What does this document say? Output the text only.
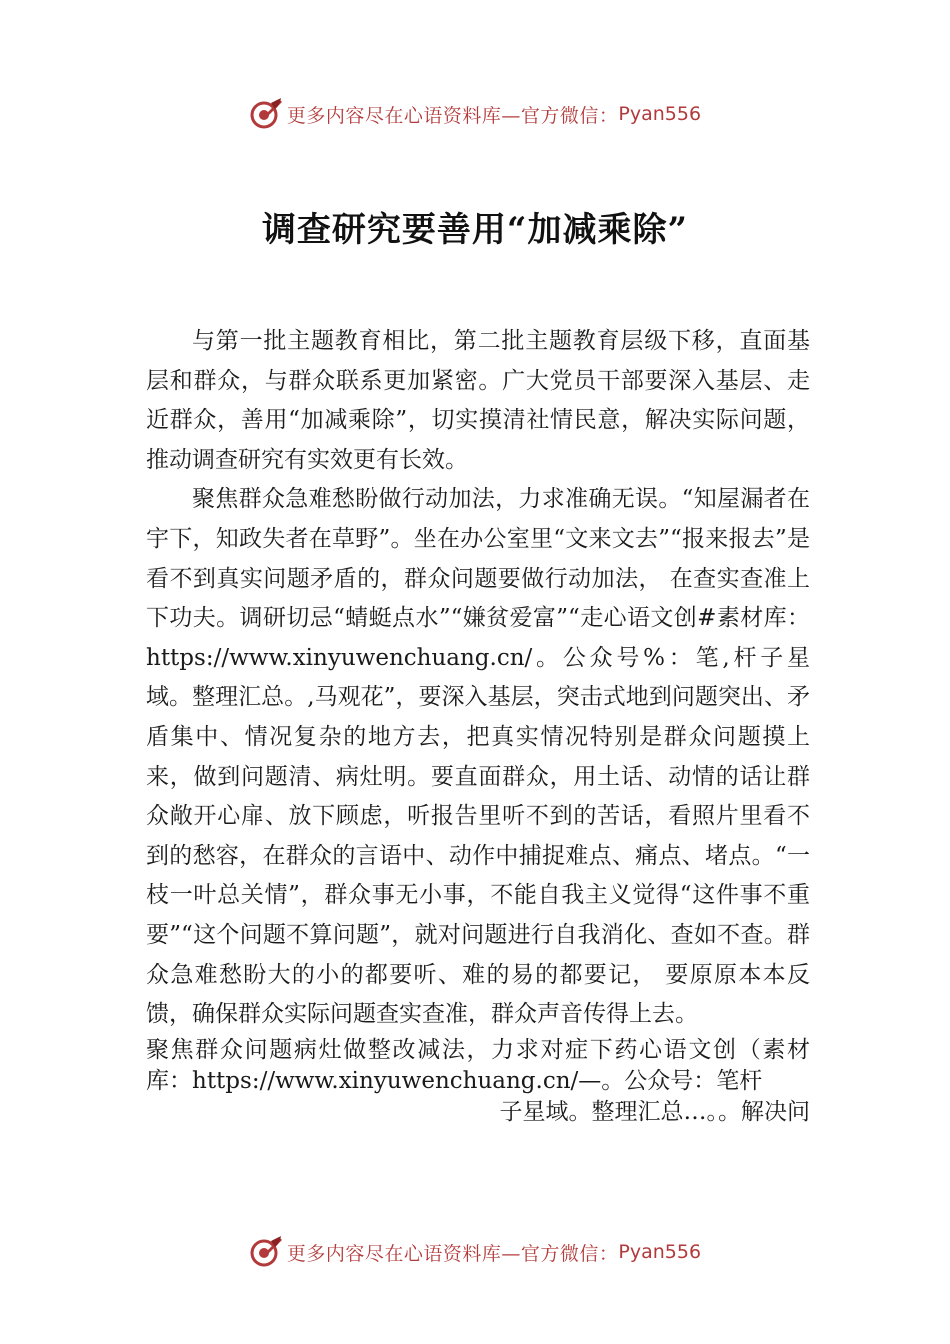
更多内容尽在心语资料库—官方微信： Pyan556
调查研究要善用“加减乘除”

与第一批主题教育相比，第二批主题教育层级下移，直面基层和群众，与群众联系更加紧密。广大党员干部要深入基层、走近群众，善用“加减乘除”，切实摸清社情民意，解决实际问题，推动调查研究有实效更有长效。

聚焦群众急难愁盼做行动加法，力求准确无误。“知屋漏者在宇下，知政失者在草野”。坐在办公室里“文来文去”“报来报去”是看不到真实问题矛盾的，群众问题要做行动加法， 在查实查准上下功夫。调研切忌“蜻蜓点水”“嫌贫爱富”“走心语文创#素材库：https://www.xinyuwenchuang.cn/。公众号%：笔,杆子星域。整理汇总。,马观花”，要深入基层，突击式地到问题突出、矛盾集中、情况复杂的地方去，把真实情况特别是群众问题摸上来，做到问题清、病灶明。要直面群众，用土话、动情的话让群众敞开心扉、放下顾虑，听报告里听不到的苦话，看照片里看不到的愁容，在群众的言语中、动作中捕捉难点、痛点、堵点。“一枝一叶总关情”，群众事无小事，不能自我主义觉得“这件事不重要”“这个问题不算问题”，就对问题进行自我消化、查如不查。群众急难愁盼大的小的都要听、难的易的都要记， 要原原本本反馈，确保群众实际问题查实查准，群众声音传得上去。

聚焦群众问题病灶做整改减法，力求对症下药心语文创（素材库：https://www.xinyuwenchuang.cn/—。公众号：笔杆

子星域。整理汇总…。。解决问

更多内容尽在心语资料库—官方微信： Pyan556
